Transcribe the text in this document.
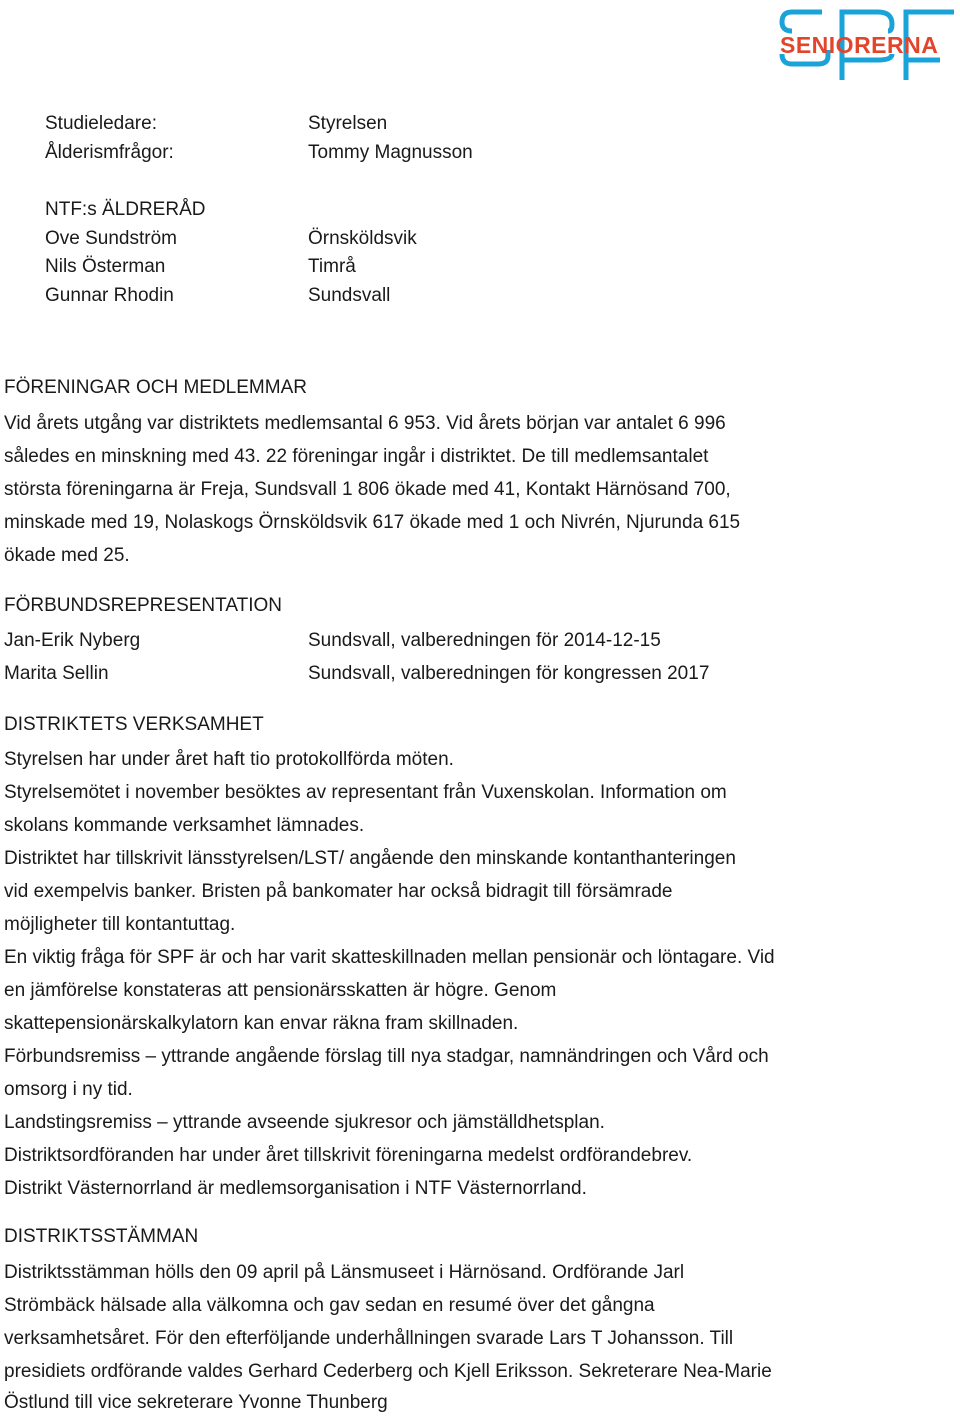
SENIORERNA
Studieledare:	Styrelsen
Ålderismfrågor:	Tommy Magnusson
NTF:s ÄLDRERÅD
Ove Sundström	Örnsköldsvik
Nils Österman	Timrå
Gunnar Rhodin	Sundsvall
FÖRENINGAR OCH MEDLEMMAR
Vid årets utgång var distriktets medlemsantal 6 953. Vid årets början var antalet 6 996
således en minskning med 43. 22 föreningar ingår i distriktet. De till medlemsantalet
största föreningarna är Freja, Sundsvall 1 806 ökade med 41, Kontakt Härnösand 700,
minskade med 19, Nolaskogs Örnsköldsvik 617 ökade med 1 och Nivrén, Njurunda 615
ökade med 25.
FÖRBUNDSREPRESENTATION
Jan-Erik Nyberg	Sundsvall, valberedningen för 2014-12-15
Marita Sellin	Sundsvall, valberedningen för kongressen 2017
DISTRIKTETS VERKSAMHET
Styrelsen har under året haft tio protokollförda möten.
Styrelsemötet i november besöktes av representant från Vuxenskolan. Information om
skolans kommande verksamhet lämnades.
Distriktet har tillskrivit länsstyrelsen/LST/ angående den minskande kontanthanteringen
vid exempelvis banker. Bristen på bankomater har också bidragit till försämrade
möjligheter till kontantuttag.
En viktig fråga för SPF är och har varit skatteskillnaden mellan pensionär och löntagare. Vid
en jämförelse konstateras att pensionärsskatten är högre. Genom
skattepensionärskalkylatorn kan envar räkna fram skillnaden.
Förbundsremiss – yttrande angående förslag till nya stadgar, namnändringen och Vård och
omsorg i ny tid.
Landstingsremiss – yttrande avseende sjukresor och jämställdhetsplan.
Distriktsordföranden har under året tillskrivit föreningarna medelst ordförandebrev.
Distrikt Västernorrland är medlemsorganisation i NTF Västernorrland.
DISTRIKTSSTÄMMAN
Distriktsstämman hölls den 09 april på Länsmuseet i Härnösand. Ordförande Jarl
Strömbäck hälsade alla välkomna och gav sedan en resumé över det gångna
verksamhetsåret. För den efterföljande underhållningen svarade Lars T Johansson. Till
presidiets ordförande valdes Gerhard Cederberg och Kjell Eriksson. Sekreterare Nea-Marie
Östlund till vice sekreterare Yvonne Thunberg
